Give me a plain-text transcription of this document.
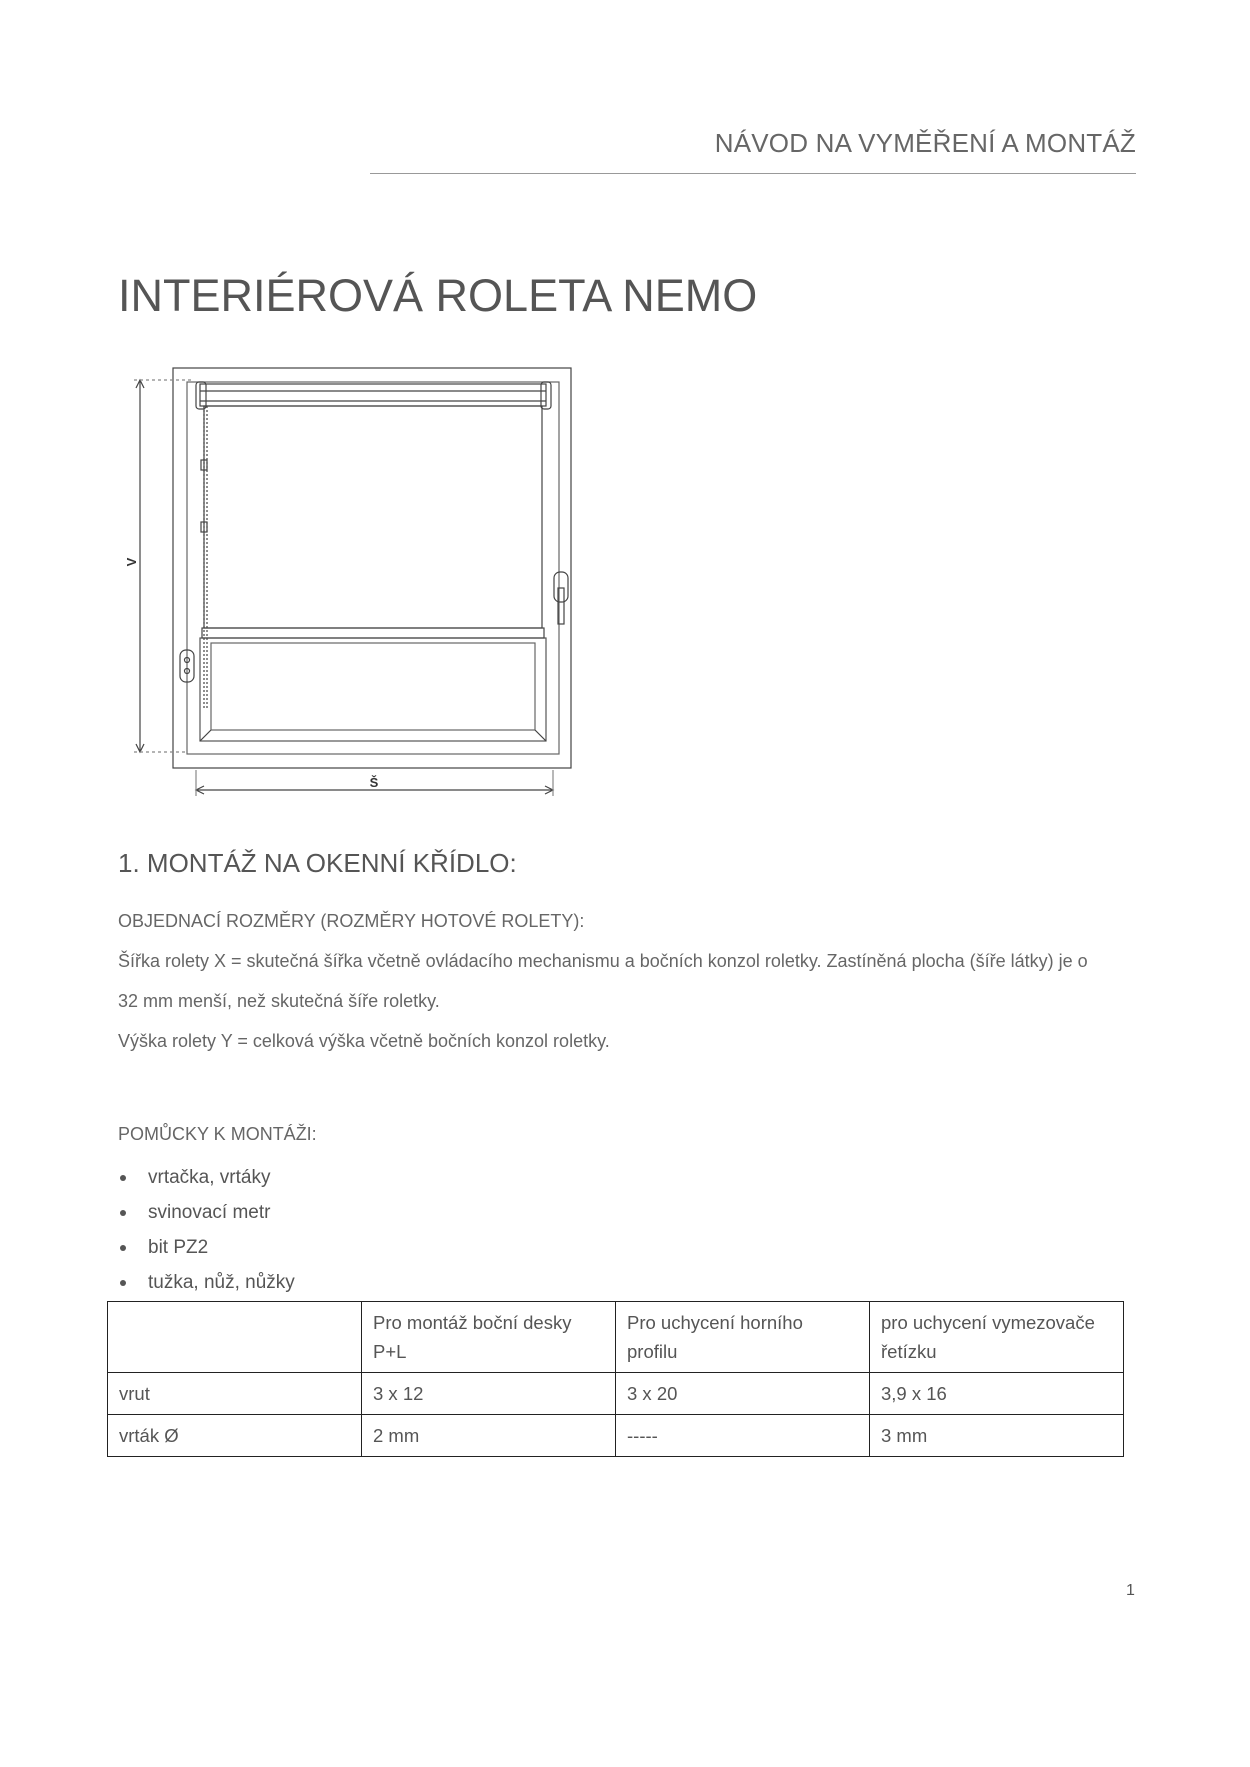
NÁVOD NA VYMĚŘENÍ A MONTÁŽ
INTERIÉROVÁ ROLETA NEMO
V
Š
1. MONTÁŽ NA OKENNÍ KŘÍDLO:
OBJEDNACÍ ROZMĚRY (ROZMĚRY HOTOVÉ ROLETY):
Šířka rolety X = skutečná šířka včetně ovládacího mechanismu a bočních konzol roletky. Zastíněná plocha (šíře látky) je o
32 mm menší, než skutečná šíře roletky.
Výška rolety Y = celková výška včetně bočních konzol roletky.
POMŮCKY K MONTÁŽI:
vrtačka, vrtáky
svinovací metr
bit PZ2
tužka, nůž, nůžky
	Pro montáž boční desky P+L	Pro uchycení horního profilu	pro uchycení vymezovače řetízku
vrut	3 x 12	3 x 20	3,9 x 16
vrták Ø	2 mm	-----	3 mm
1
